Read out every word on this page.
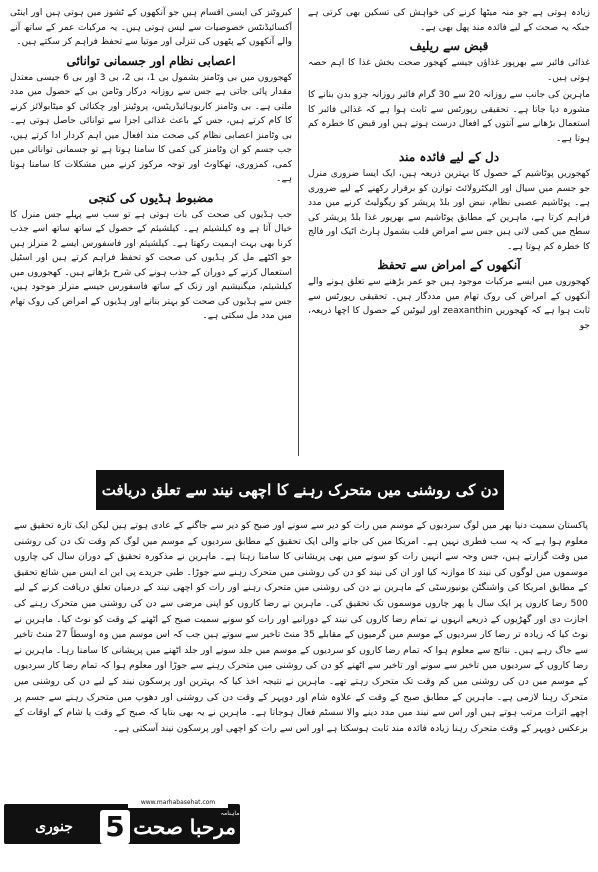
زیادہ ہوتی ہے جو منہ میٹھا کرنے کی خواہش کی تسکین بھی کرتی ہے جبکہ یہ صحت کے لیے فائدہ مند پھل بھی ہے۔

قبض سے ریلیف

غذائی فائبر سے بھرپور غذاؤں جیسے کھجور صحت بخش غذا کا اہم حصہ ہوتی ہیں۔

ماہرین کی جانب سے روزانہ 20 سے 30 گرام فائبر روزانہ جزو بدن بنانے کا مشورہ دیا جاتا ہے۔ تحقیقی رپورٹس سے ثابت ہوا ہے کہ غذائی فائبر کا استعمال بڑھانے سے آنتوں کے افعال درست ہوتے ہیں اور قبض کا خطرہ کم ہوتا ہے۔

دل کے لیے فائدہ مند

کھجوریں پوٹاشیم کے حصول کا بہترین ذریعہ ہیں، ایک ایسا ضروری منرل جو جسم میں سیال اور الیکٹرولائٹ توازن کو برقرار رکھنے کے لیے ضروری ہے۔ پوٹاشیم عصبی نظام، نبض اور بلڈ پریشر کو ریگولیٹ کرنے میں مدد فراہم کرتا ہے، ماہرین کے مطابق پوٹاشیم سے بھرپور غذا بلڈ پریشر کی سطح میں کمی لاتی ہیں جس سے امراض قلب بشمول ہارٹ اٹیک اور فالج کا خطرہ کم ہوتا ہے۔

آنکھوں کے امراض سے تحفظ

کھجوروں میں ایسے مرکبات موجود ہیں جو عمر بڑھنے سے تعلق ہونے والے آنکھوں کے امراض کی روک تھام میں مددگار ہیں۔ تحقیقی رپورٹس سے ثابت ہوا ہے کہ کھجوریں zeaxanthin اور لیوٹین کے حصول کا اچھا ذریعہ، جو

کیروٹنز کی ایسی اقسام ہیں جو آنکھوں کے ٹشوز میں ہوتی ہیں اور اینٹی آکسائیڈنٹس خصوصیات سے لیس ہوتی ہیں۔ یہ مرکبات عمر کے ساتھ آنے والے آنکھوں کے پٹھوں کی تنزلی اور موتیا سے تحفظ فراہم کر سکتے ہیں۔

اعصابی نظام اور جسمانی توانائی

کھجوروں میں بی وٹامنز بشمول بی 1، بی 2، بی 3 اور بی 6 جیسی معتدل مقدار پائی جاتی ہے جس سے روزانہ درکار وٹامن بی کے حصول میں مدد ملتی ہے۔ بی وٹامنز کاربوہائیڈریٹس، پروٹینز اور چکنائی کو میٹابولائز کرنے کا کام کرتے ہیں، جس کے باعث غذائی اجزا سے توانائی حاصل ہوتی ہے۔ بی وٹامنز اعصابی نظام کی صحت مند افعال میں اہم کردار ادا کرتے ہیں، جب جسم کو ان وٹامنز کی کمی کا سامنا ہوتا ہے تو جسمانی توانائی میں کمی، کمزوری، تھکاوٹ اور توجہ مرکوز کرنے میں مشکلات کا سامنا ہوتا ہے۔

مضبوط ہڈیوں کی کنجی

جب ہڈیوں کی صحت کی بات ہوتی ہے تو سب سے پہلے جس منرل کا خیال آتا ہے وہ کیلشیئم ہے۔ کیلشیئم کے حصول کے ساتھ ساتھ اسے جذب کرنا بھی بہت اہمیت رکھتا ہے۔ کیلشیئم اور فاسفورس ایسے 2 منرلز ہیں جو اکٹھے مل کر ہڈیوں کی صحت کو تحفظ فراہم کرتے ہیں اور اسٹیل استعمال کرنے کے دوران کے جذب ہونے کی شرح بڑھاتے ہیں۔ کھجوروں میں کیلشیئم، میگنیشیم اور زنک کے ساتھ فاسفورس جیسے منرلز موجود ہیں، جس سے ہڈیوں کی صحت کو بہتر بنانے اور ہڈیوں کے امراض کی روک تھام میں مدد مل سکتی ہے۔

دن کی روشنی میں متحرک رہنے کا اچھی نیند سے تعلق دریافت

پاکستان سمیت دنیا بھر میں لوگ سردیوں کے موسم میں رات کو دیر سے سونے اور صبح کو دیر سے جاگنے کے عادی ہوتے ہیں لیکن ایک تازہ تحقیق سے معلوم ہوا ہے کہ یہ سب فطری نہیں ہے۔ امریکا میں کی جانے والی ایک تحقیق کے مطابق سردیوں کے موسم میں لوگ کم وقت تک دن کی روشنی میں وقت گزارتے ہیں، جس وجہ سے انہیں رات کو سونے میں بھی پریشانی کا سامنا رہتا ہے۔ ماہرین نے مذکورہ تحقیق کے دوران سال کی چاروں موسموں میں لوگوں کی نیند کا موازنہ کیا اور ان کی نیند کو دن کی روشنی میں متحرک رہنے سے جوڑا۔ طبی جریدے پی این اے ایس میں شائع تحقیق کے مطابق امریکا کی واشنگٹن یونیورسٹی کے ماہرین نے دن کی روشنی میں متحرک رہنے اور رات کو اچھی نیند کے درمیان تعلق دریافت کرنے کے لیے 500 رضا کاروں پر ایک سال یا پھر چاروں موسموں تک تحقیق کی۔ ماہرین نے رضا کاروں کو اپنی مرضی سے دن کی روشنی میں متحرک رہنے کی اجازت دی اور گھڑیوں کے ذریعے انہوں نے تمام رضا کاروں کی نیند کے دورانیے اور رات کو سونے سمیت صبح کے اٹھنے کے وقت کو نوٹ کیا۔ ماہرین نے نوٹ کیا کہ زیادہ تر رضا کار سردیوں کے موسم میں گرمیوں کے مقابلے 35 منٹ تاخیر سے سوتے ہیں جب کہ اس موسم میں وہ اوسطاً 27 منٹ تاخیر سے جاگ رہے ہیں۔ نتائج سے معلوم ہوا کہ تمام رضا کاروں کو سردیوں کے موسم میں جلد سونے اور جلد اٹھنے میں پریشانی کا سامنا رہا۔ ماہرین نے رضا کاروں کے سردیوں میں تاخیر سے سونے اور تاخیر سے اٹھنے کو دن کی روشنی میں متحرک رہنے سے جوڑا اور معلوم ہوا کہ تمام رضا کار سردیوں کے موسم میں دن کی روشنی میں کم وقت تک متحرک رہتے تھے۔ ماہرین نے نتیجہ اخذ کیا کہ بہترین اور پرسکون نیند کے لیے دن کی روشنی میں متحرک رہنا لازمی ہے۔ ماہرین کے مطابق صبح کے وقت کے علاوہ شام اور دوپہر کے وقت دن کی روشنی اور دھوپ میں متحرک رہنے سے جسم پر اچھے اثرات مرتب ہوتے ہیں اور اس سے نیند میں مدد دینے والا سسٹم فعال ہوجاتا ہے۔ ماہرین نے یہ بھی بتایا کہ صبح کے وقت یا شام کے اوقات کے برعکس دوپہر کے وقت متحرک رہنا زیادہ فائدہ مند ثابت ہوسکتا ہے اور اس سے رات کو اچھی اور پرسکون نیند آسکتی ہے۔

مرحبا صحت
ماہنامہ
5
جنوری 2023ء
www.marhabasehat.com
